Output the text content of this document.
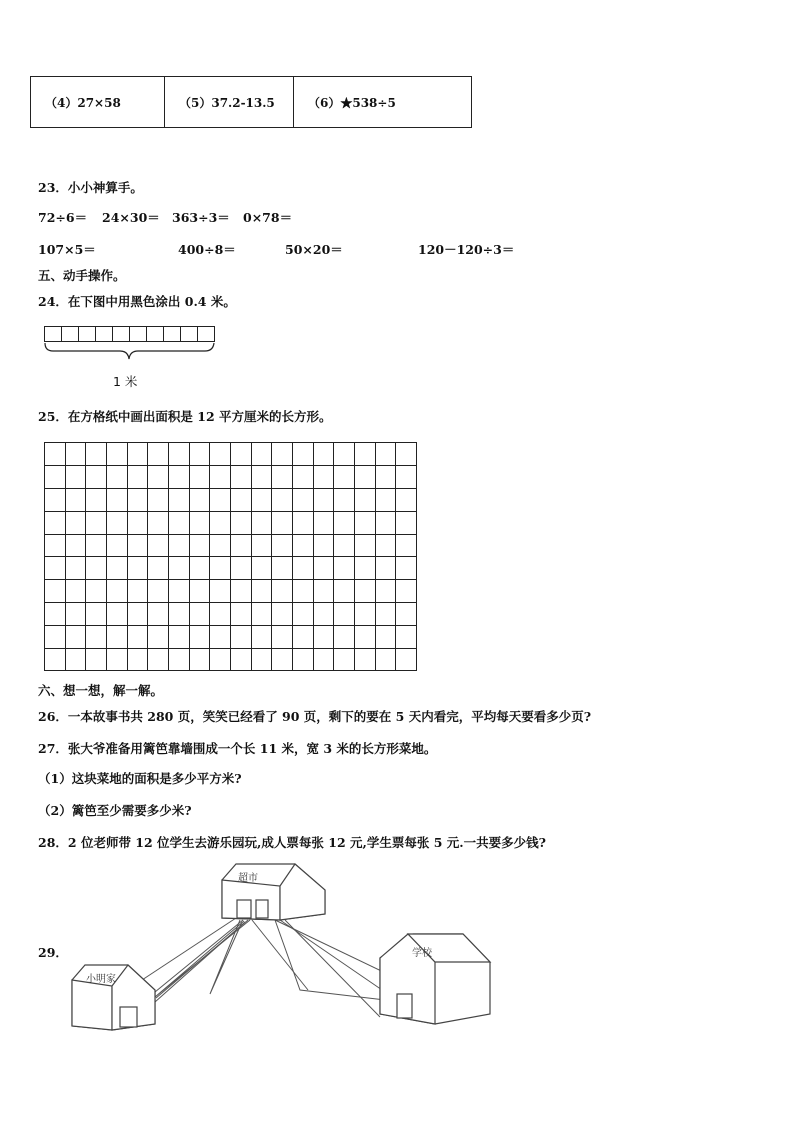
（4）27×58	（5）37.2-13.5	（6）★538÷5
23．小小神算手。
72÷6＝ 24×30＝ 363÷3＝ 0×78＝
107×5＝	400÷8＝	50×20＝	120－120÷3＝
五、动手操作。
24．在下图中用黑色涂出 0.4 米。
1 米
25．在方格纸中画出面积是 12 平方厘米的长方形。
六、想一想，解一解。
26．一本故事书共 280 页，笑笑已经看了 90 页，剩下的要在 5 天内看完，平均每天要看多少页?
27．张大爷准备用篱笆靠墙围成一个长 11 米，宽 3 米的长方形菜地。
（1）这块菜地的面积是多少平方米?
（2）篱笆至少需要多少米?
28．2 位老师带 12 位学生去游乐园玩,成人票每张 12 元,学生票每张 5 元.一共要多少钱?
29．
超市
小明家
学校
